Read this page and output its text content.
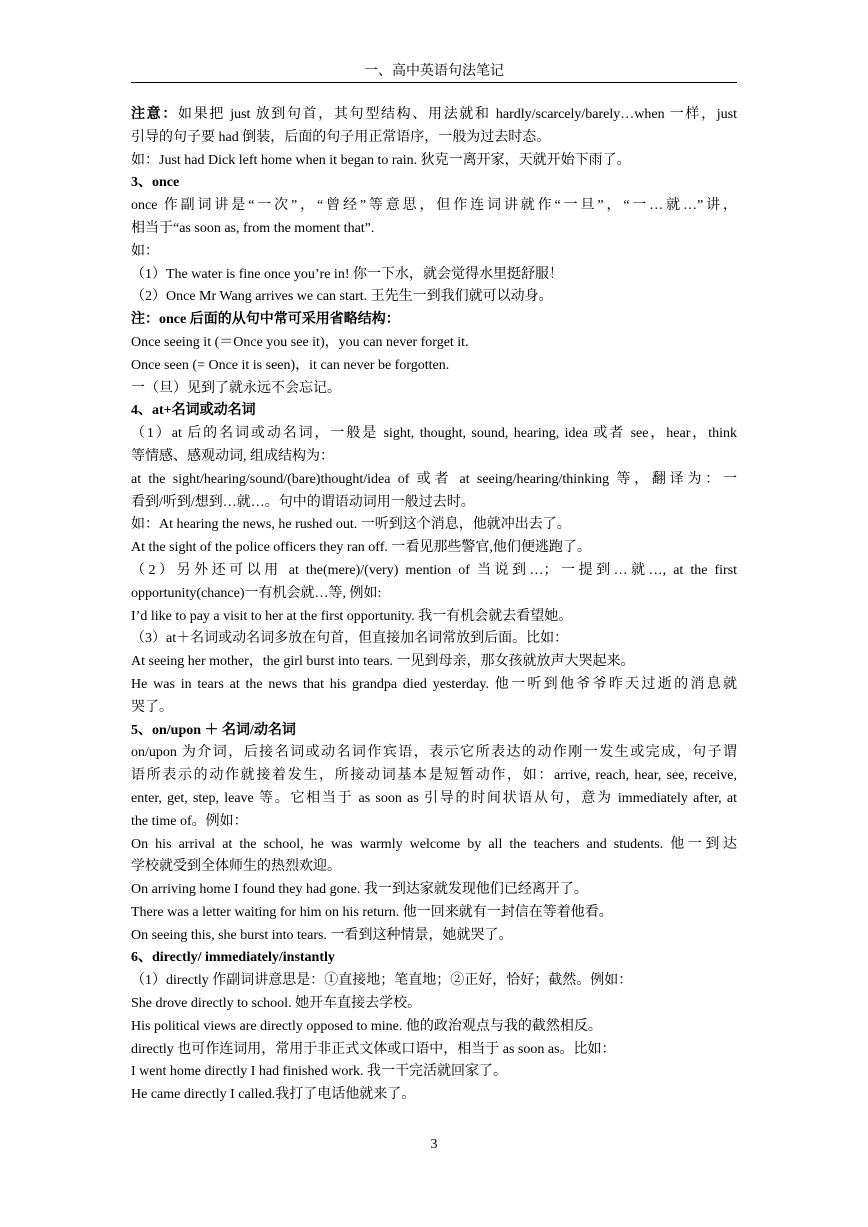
一、高中英语句法笔记
注意：如果把 just 放到句首，其句型结构、用法就和 hardly/scarcely/barely…when 一样，just
引导的句子要 had 倒装，后面的句子用正常语序，一般为过去时态。
如：Just had Dick left home when it began to rain. 狄克一离开家，天就开始下雨了。
3、once
once 作副词讲是“一次”，“曾经”等意思，但作连词讲就作“一旦”，“一…就…”讲，
相当于“as soon as, from the moment that”.
如：
（1）The water is fine once you’re in! 你一下水，就会觉得水里挺舒服！
（2）Once Mr Wang arrives we can start. 王先生一到我们就可以动身。
注：once 后面的从句中常可采用省略结构：
Once seeing it (＝Once you see it)，you can never forget it.
Once seen (= Once it is seen)，it can never be forgotten.
一（旦）见到了就永远不会忘记。
4、at+名词或动名词
（1）at 后的名词或动名词，一般是 sight, thought, sound, hearing, idea 或者 see，hear，think
等情感、感观动词, 组成结构为：
at the sight/hearing/sound/(bare)thought/idea of 或者 at seeing/hearing/thinking 等，翻译为：一
看到/听到/想到…就…。句中的谓语动词用一般过去时。
如：At hearing the news, he rushed out. 一听到这个消息，他就冲出去了。
At the sight of the police officers they ran off. 一看见那些警官,他们便逃跑了。
（2）另外还可以用 at the(mere)/(very) mention of 当说到…；一提到…就…, at the first
opportunity(chance)一有机会就…等, 例如:
I’d like to pay a visit to her at the first opportunity. 我一有机会就去看望她。
（3）at＋名词或动名词多放在句首，但直接加名词常放到后面。比如：
At seeing her mother，the girl burst into tears. 一见到母亲，那女孩就放声大哭起来。
He was in tears at the news that his grandpa died yesterday. 他一听到他爷爷昨天过逝的消息就
哭了。
5、on/upon ＋ 名词/动名词
on/upon 为介词，后接名词或动名词作宾语，表示它所表达的动作刚一发生或完成，句子谓
语所表示的动作就接着发生，所接动词基本是短暂动作，如：arrive, reach, hear, see, receive,
enter, get, step, leave 等。它相当于 as soon as 引导的时间状语从句，意为 immediately after, at
the time of。例如：
On his arrival at the school, he was warmly welcome by all the teachers and students. 他一到达
学校就受到全体师生的热烈欢迎。
On arriving home I found they had gone. 我一到达家就发现他们已经离开了。
There was a letter waiting for him on his return. 他一回来就有一封信在等着他看。
On seeing this, she burst into tears. 一看到这种情景，她就哭了。
6、directly/ immediately/instantly
（1）directly 作副词讲意思是：①直接地；笔直地；②正好，恰好；截然。例如：
She drove directly to school. 她开车直接去学校。
His political views are directly opposed to mine. 他的政治观点与我的截然相反。
directly 也可作连词用，常用于非正式文体或口语中，相当于 as soon as。比如：
I went home directly I had finished work. 我一干完活就回家了。
He came directly I called.我打了电话他就来了。
3
